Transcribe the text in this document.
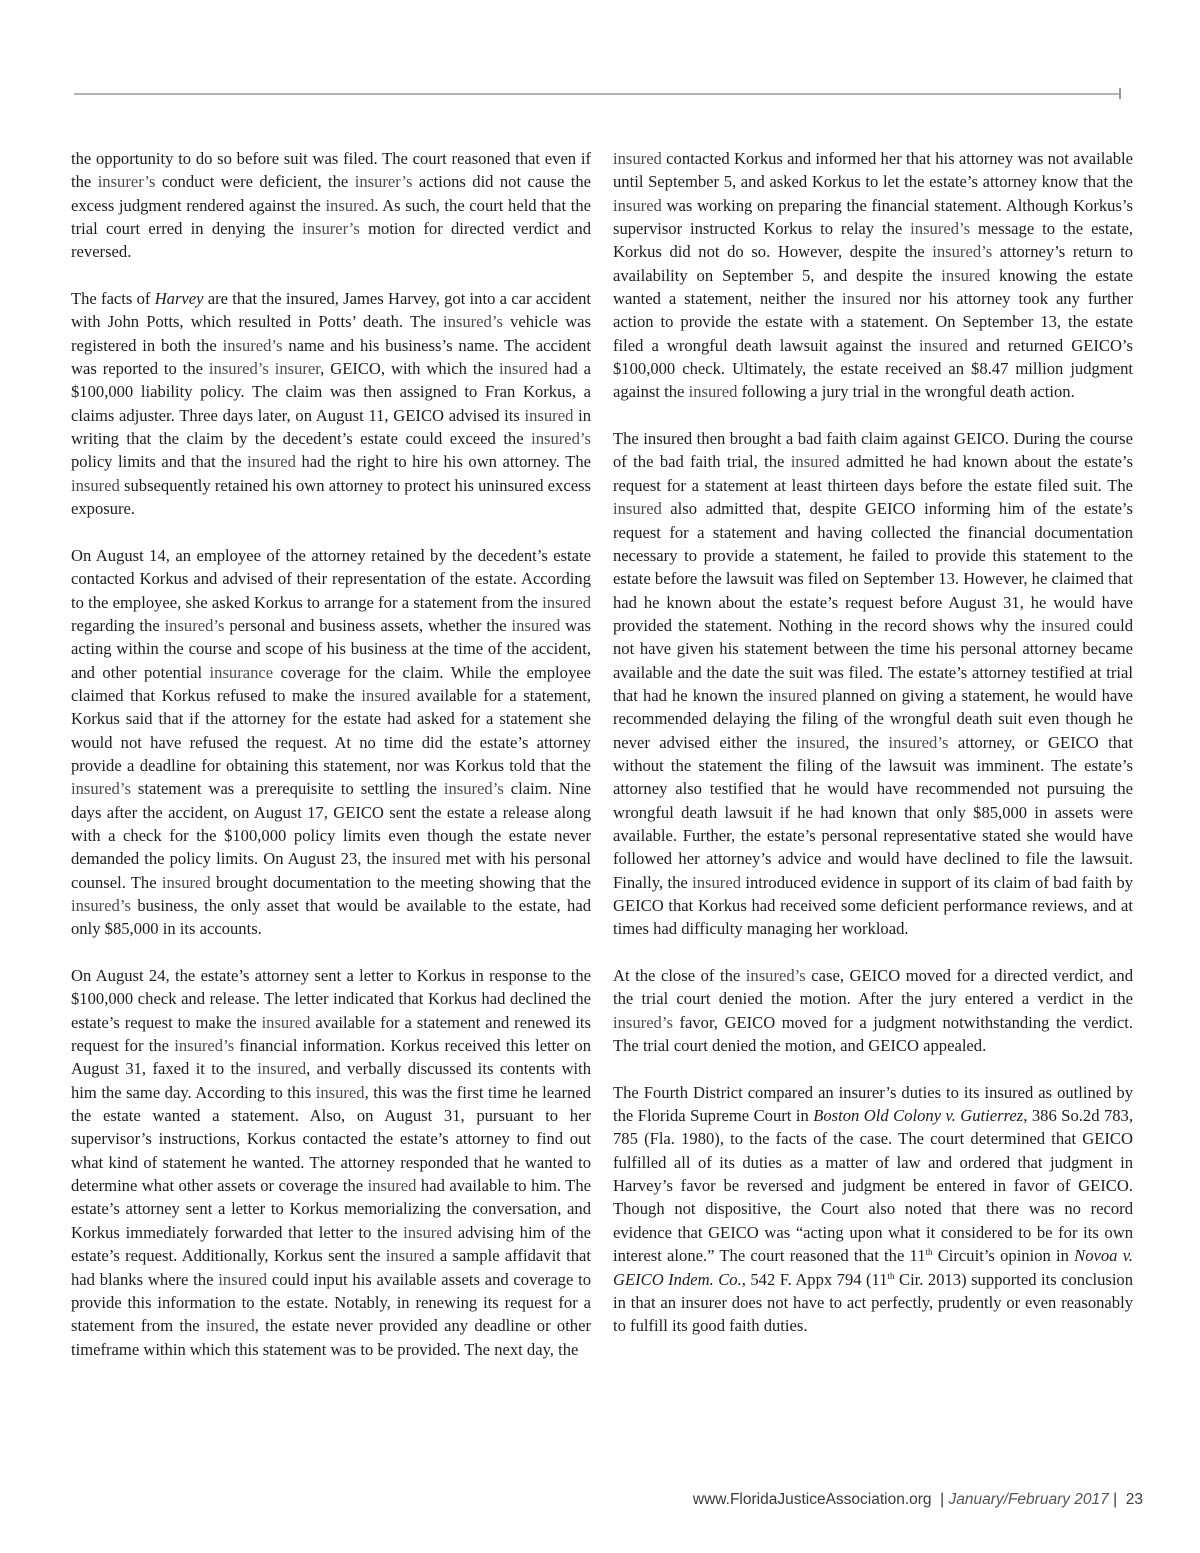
the opportunity to do so before suit was filed. The court reasoned that even if the insurer’s conduct were deficient, the insurer’s actions did not cause the excess judgment rendered against the insured. As such, the court held that the trial court erred in denying the insurer’s motion for directed verdict and reversed.

The facts of Harvey are that the insured, James Harvey, got into a car accident with John Potts, which resulted in Potts’ death. The insured’s vehicle was registered in both the insured’s name and his business’s name. The accident was reported to the insured’s insurer, GEICO, with which the insured had a $100,000 liability policy. The claim was then assigned to Fran Korkus, a claims adjuster. Three days later, on August 11, GEICO advised its insured in writing that the claim by the decedent’s estate could exceed the insured’s policy limits and that the insured had the right to hire his own attorney. The insured subsequently retained his own attorney to protect his uninsured excess exposure.

On August 14, an employee of the attorney retained by the decedent’s estate contacted Korkus and advised of their representation of the estate. According to the employee, she asked Korkus to arrange for a statement from the insured regarding the insured’s personal and business assets, whether the insured was acting within the course and scope of his business at the time of the accident, and other potential insurance coverage for the claim. While the employee claimed that Korkus refused to make the insured available for a statement, Korkus said that if the attorney for the estate had asked for a statement she would not have refused the request. At no time did the estate’s attorney provide a deadline for obtaining this statement, nor was Korkus told that the insured’s statement was a prerequisite to settling the insured’s claim. Nine days after the accident, on August 17, GEICO sent the estate a release along with a check for the $100,000 policy limits even though the estate never demanded the policy limits. On August 23, the insured met with his personal counsel. The insured brought documentation to the meeting showing that the insured’s business, the only asset that would be available to the estate, had only $85,000 in its accounts.

On August 24, the estate’s attorney sent a letter to Korkus in response to the $100,000 check and release. The letter indicated that Korkus had declined the estate’s request to make the insured available for a statement and renewed its request for the insured’s financial information. Korkus received this letter on August 31, faxed it to the insured, and verbally discussed its contents with him the same day. According to this insured, this was the first time he learned the estate wanted a statement. Also, on August 31, pursuant to her supervisor’s instructions, Korkus contacted the estate’s attorney to find out what kind of statement he wanted. The attorney responded that he wanted to determine what other assets or coverage the insured had available to him. The estate’s attorney sent a letter to Korkus memorializing the conversation, and Korkus immediately forwarded that letter to the insured advising him of the estate’s request. Additionally, Korkus sent the insured a sample affidavit that had blanks where the insured could input his available assets and coverage to provide this information to the estate. Notably, in renewing its request for a statement from the insured, the estate never provided any deadline or other timeframe within which this statement was to be provided. The next day, the

insured contacted Korkus and informed her that his attorney was not available until September 5, and asked Korkus to let the estate’s attorney know that the insured was working on preparing the financial statement. Although Korkus’s supervisor instructed Korkus to relay the insured’s message to the estate, Korkus did not do so. However, despite the insured’s attorney’s return to availability on September 5, and despite the insured knowing the estate wanted a statement, neither the insured nor his attorney took any further action to provide the estate with a statement. On September 13, the estate filed a wrongful death lawsuit against the insured and returned GEICO’s $100,000 check. Ultimately, the estate received an $8.47 million judgment against the insured following a jury trial in the wrongful death action.

The insured then brought a bad faith claim against GEICO. During the course of the bad faith trial, the insured admitted he had known about the estate’s request for a statement at least thirteen days before the estate filed suit. The insured also admitted that, despite GEICO informing him of the estate’s request for a statement and having collected the financial documentation necessary to provide a statement, he failed to provide this statement to the estate before the lawsuit was filed on September 13. However, he claimed that had he known about the estate’s request before August 31, he would have provided the statement. Nothing in the record shows why the insured could not have given his statement between the time his personal attorney became available and the date the suit was filed. The estate’s attorney testified at trial that had he known the insured planned on giving a statement, he would have recommended delaying the filing of the wrongful death suit even though he never advised either the insured, the insured’s attorney, or GEICO that without the statement the filing of the lawsuit was imminent. The estate’s attorney also testified that he would have recommended not pursuing the wrongful death lawsuit if he had known that only $85,000 in assets were available. Further, the estate’s personal representative stated she would have followed her attorney’s advice and would have declined to file the lawsuit. Finally, the insured introduced evidence in support of its claim of bad faith by GEICO that Korkus had received some deficient performance reviews, and at times had difficulty managing her workload.

At the close of the insured’s case, GEICO moved for a directed verdict, and the trial court denied the motion. After the jury entered a verdict in the insured’s favor, GEICO moved for a judgment notwithstanding the verdict. The trial court denied the motion, and GEICO appealed.

The Fourth District compared an insurer’s duties to its insured as outlined by the Florida Supreme Court in Boston Old Colony v. Gutierrez, 386 So.2d 783, 785 (Fla. 1980), to the facts of the case. The court determined that GEICO fulfilled all of its duties as a matter of law and ordered that judgment in Harvey’s favor be reversed and judgment be entered in favor of GEICO. Though not dispositive, the Court also noted that there was no record evidence that GEICO was “acting upon what it considered to be for its own interest alone.” The court reasoned that the 11th Circuit’s opinion in Novoa v. GEICO Indem. Co., 542 F. Appx 794 (11th Cir. 2013) supported its conclusion in that an insurer does not have to act perfectly, prudently or even reasonably to fulfill its good faith duties.

www.FloridaJusticeAssociation.org | January/February 2017 | 23
